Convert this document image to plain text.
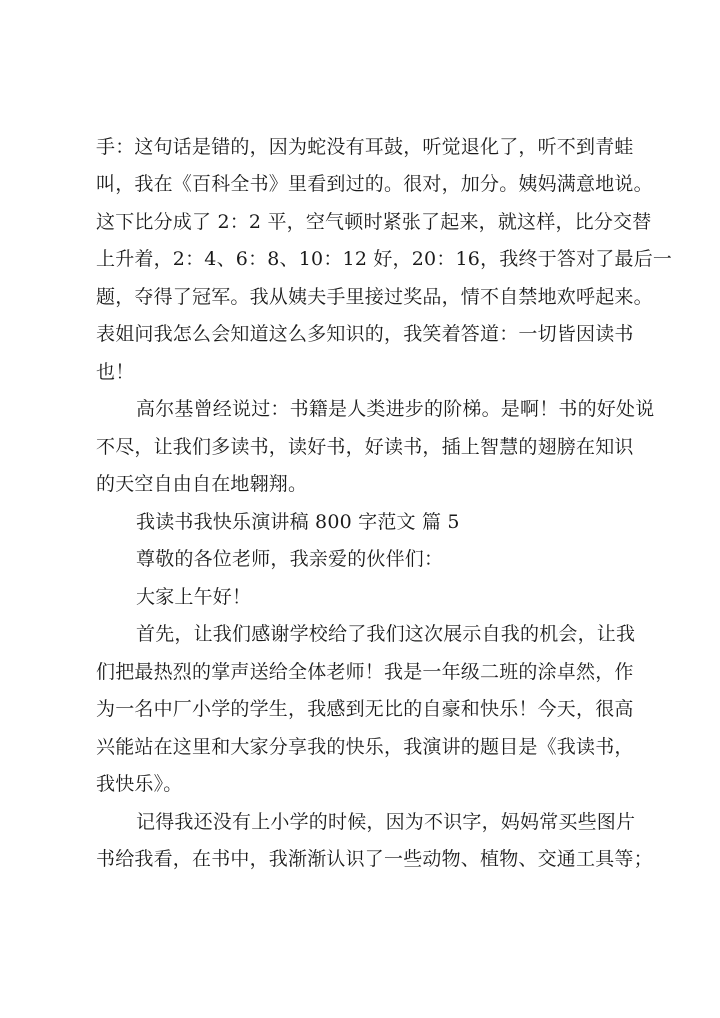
手：这句话是错的，因为蛇没有耳鼓，听觉退化了，听不到青蛙
叫，我在《百科全书》里看到过的。很对，加分。姨妈满意地说。
这下比分成了 2：2 平，空气顿时紧张了起来，就这样，比分交替
上升着，2：4、6：8、10：12 好，20：16，我终于答对了最后一
题，夺得了冠军。我从姨夫手里接过奖品，情不自禁地欢呼起来。
表姐问我怎么会知道这么多知识的，我笑着答道：一切皆因读书
也！
高尔基曾经说过：书籍是人类进步的阶梯。是啊！书的好处说
不尽，让我们多读书，读好书，好读书，插上智慧的翅膀在知识
的天空自由自在地翱翔。
我读书我快乐演讲稿 800 字范文 篇 5
尊敬的各位老师，我亲爱的伙伴们：
大家上午好！
首先，让我们感谢学校给了我们这次展示自我的机会，让我
们把最热烈的掌声送给全体老师！我是一年级二班的涂卓然，作
为一名中厂小学的学生，我感到无比的自豪和快乐！今天，很高
兴能站在这里和大家分享我的快乐，我演讲的题目是《我读书，
我快乐》。
记得我还没有上小学的时候，因为不识字，妈妈常买些图片
书给我看，在书中，我渐渐认识了一些动物、植物、交通工具等；
